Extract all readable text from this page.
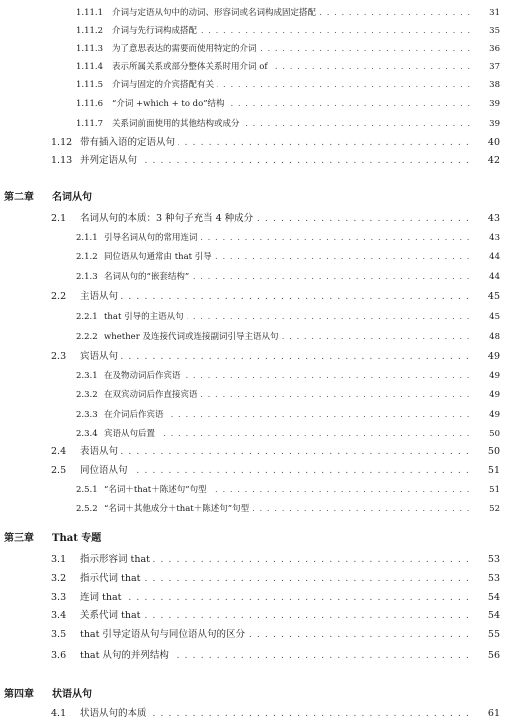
1.11.1 . . . 介词与定语从句中的动词、形容词或名词构成固定搭配	31
1.11.2 . . . 介词与先行词构成搭配	35
1.11.3 . . . 为了意思表达的需要而使用特定的介词	36
1.11.4 . . . 表示所属关系或部分整体关系时用介词 of	37
1.11.5 . . . 介词与固定的介宾搭配有关	38
1.11.6 . . . “介词 +which + to do”结构	39
1.11.7 . . . 关系词前面使用的其他结构或成分	39
1.12 . . . 带有插入语的定语从句	40
1.13 . . . 并列定语从句	42
第二章 名词从句
2.1 . . . 名词从句的本质：3 种句子充当 4 种成分	43
2.1.1 . . . 引导名词从句的常用连词	43
2.1.2 . . . 同位语从句通常由 that 引导	44
2.1.3 . . . 名词从句的“嵌套结构”	44
2.2 . . . 主语从句	45
2.2.1 . . . that 引导的主语从句	45
2.2.2 . . . whether 及连接代词或连接副词引导主语从句	48
2.3 . . . 宾语从句	49
2.3.1 . . . 在及物动词后作宾语	49
2.3.2 . . . 在双宾动词后作直接宾语	49
2.3.3 . . . 在介词后作宾语	49
2.3.4 . . . 宾语从句后置	50
2.4 . . . 表语从句	50
2.5 . . . 同位语从句	51
2.5.1 . . . “名词＋that＋陈述句”句型	51
2.5.2 . . . “名词＋其他成分＋that＋陈述句”句型	52
第三章 That 专题
3.1 . . . 指示形容词 that	53
3.2 . . . 指示代词 that	53
3.3 . . . 连词 that	54
3.4 . . . 关系代词 that	54
3.5 . . . that 引导定语从句与同位语从句的区分	55
3.6 . . . that 从句的并列结构	56
第四章 状语从句
4.1 . . . 状语从句的本质	61
